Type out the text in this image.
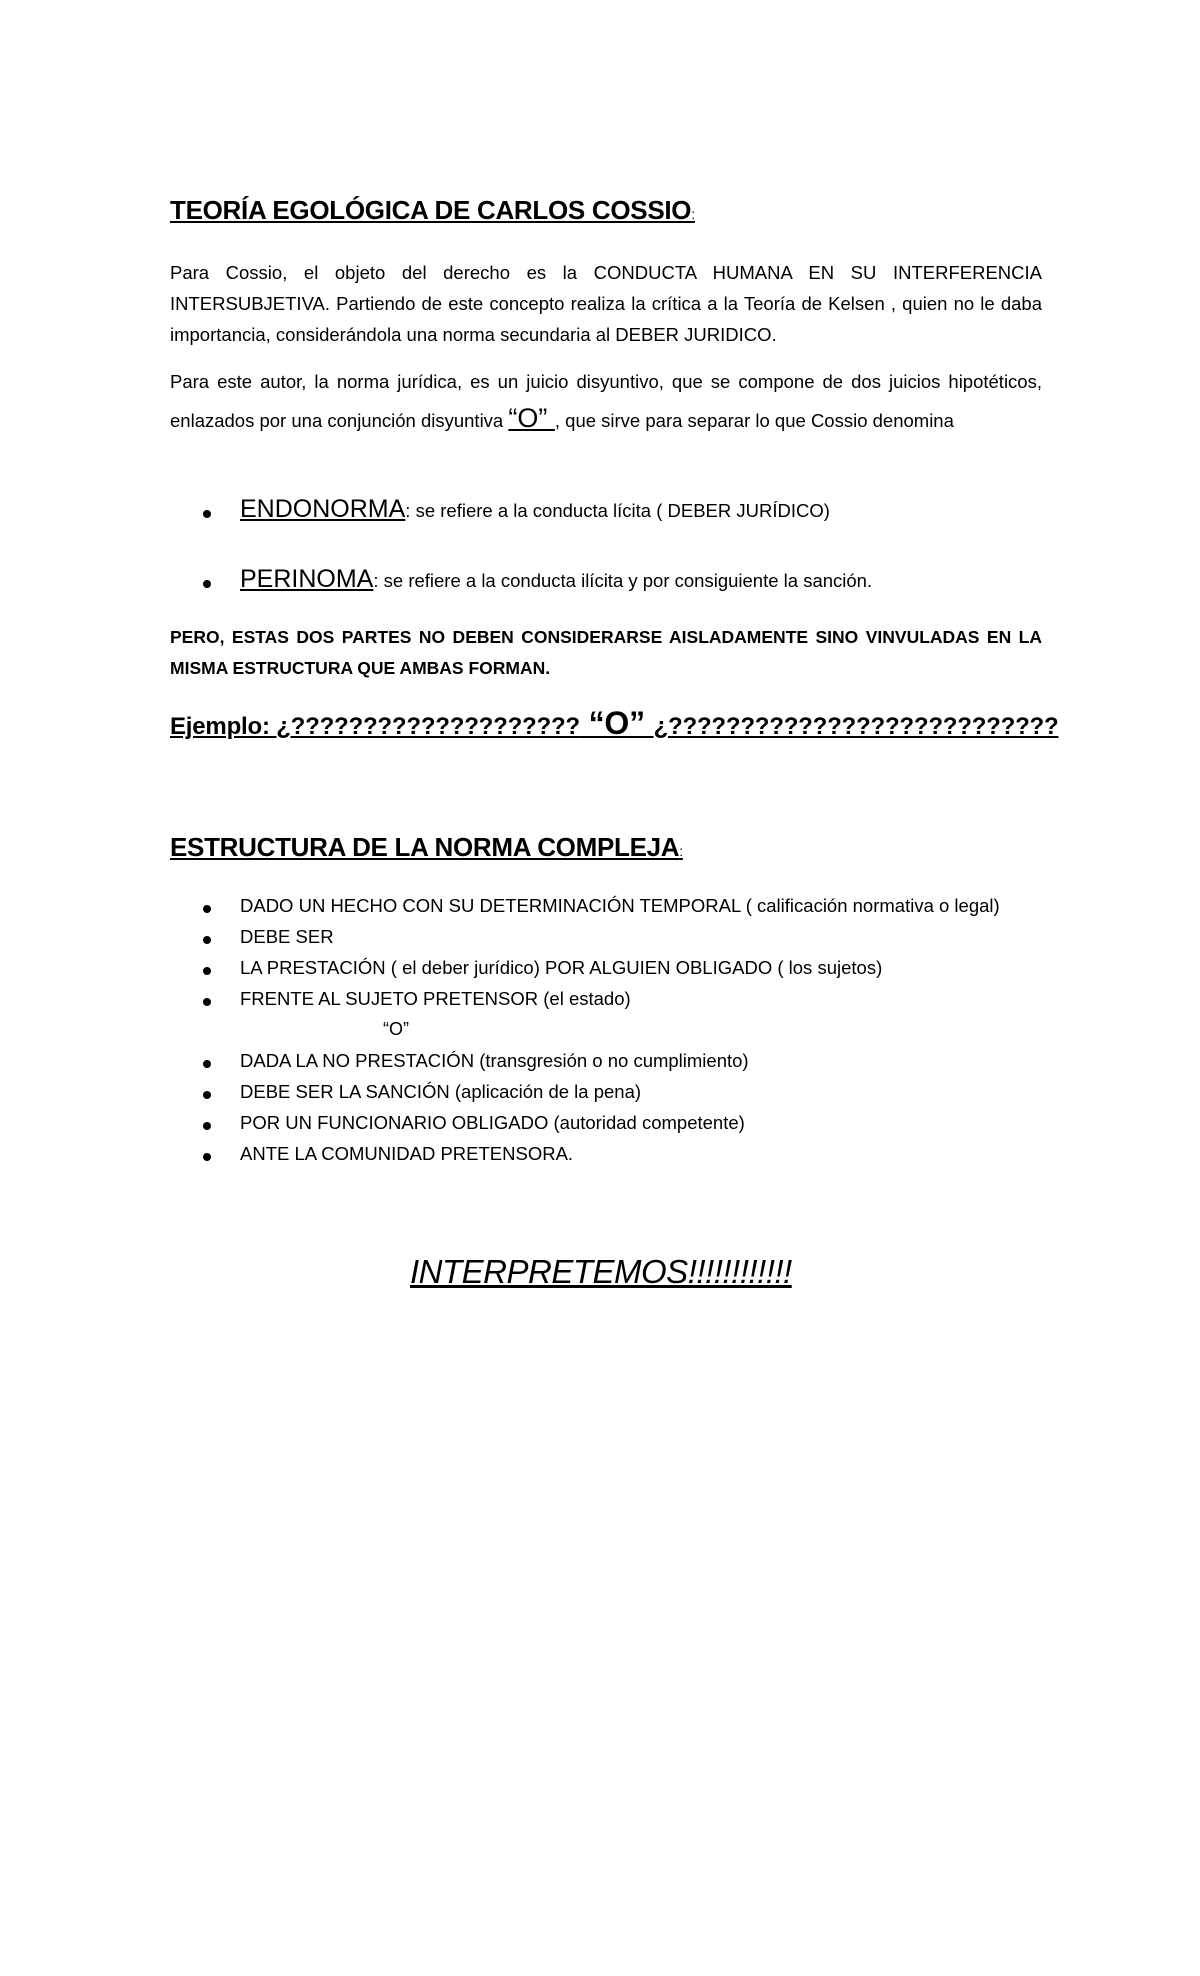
TEORÍA EGOLÓGICA DE CARLOS COSSIO:
Para Cossio, el objeto del derecho es la CONDUCTA HUMANA EN SU INTERFERENCIA INTERSUBJETIVA. Partiendo de este concepto realiza la crítica a la Teoría de Kelsen , quien no le daba importancia, considerándola una norma secundaria al DEBER JURIDICO.
Para este autor, la norma jurídica, es un juicio disyuntivo, que se compone de dos juicios hipotéticos, enlazados por una conjunción disyuntiva “O” , que sirve para separar lo que Cossio denomina
ENDONORMA: se refiere a la conducta lícita ( DEBER JURÍDICO)
PERINOMA: se refiere a la conducta ilícita y por consiguiente la sanción.
PERO, ESTAS DOS PARTES NO DEBEN CONSIDERARSE AISLADAMENTE SINO VINVULADAS EN LA MISMA ESTRUCTURA QUE AMBAS FORMAN.
Ejemplo: ¿???????????????????? “O” ¿???????????????????????????
ESTRUCTURA DE LA NORMA COMPLEJA:
DADO UN HECHO CON SU DETERMINACIÓN TEMPORAL ( calificación normativa o legal)
DEBE SER
LA PRESTACIÓN ( el deber jurídico) POR ALGUIEN OBLIGADO ( los sujetos)
FRENTE AL SUJETO PRETENSOR (el estado)
“O”
DADA LA NO PRESTACIÓN (transgresión o no cumplimiento)
DEBE SER LA SANCIÓN (aplicación de la pena)
POR UN FUNCIONARIO OBLIGADO (autoridad competente)
ANTE LA COMUNIDAD PRETENSORA.
INTERPRETEMOS!!!!!!!!!!!!
